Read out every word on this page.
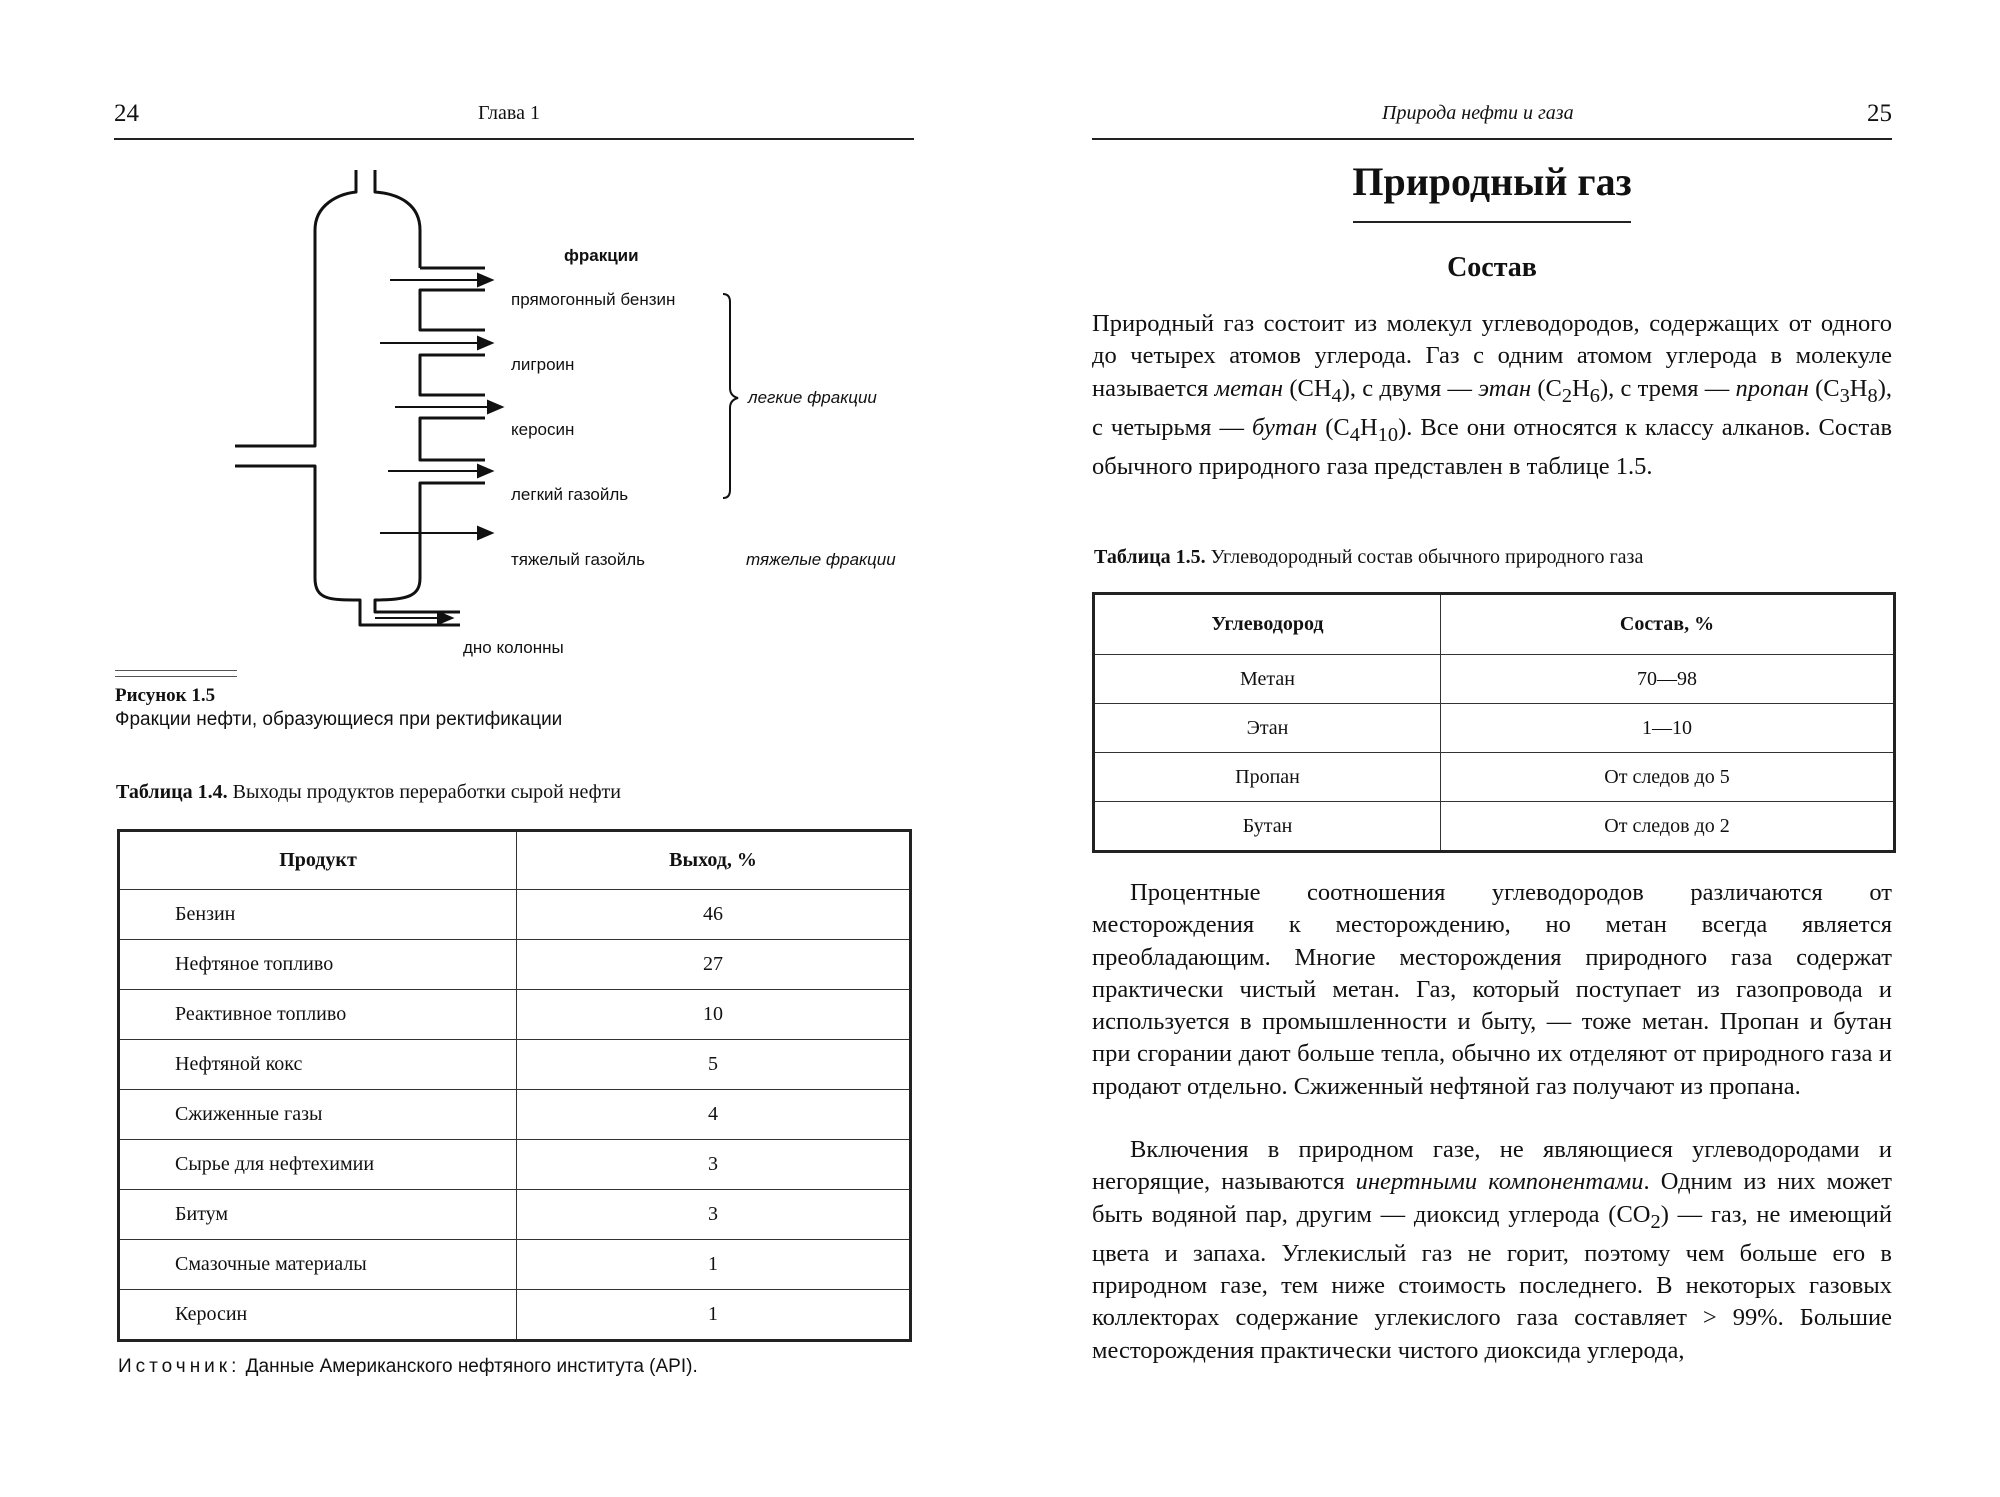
24	Глава 1
фракции
прямогонный бензин
лигроин
керосин
легкий газойль
тяжелый газойль
дно колонны
легкие фракции
тяжелые фракции
Рисунок 1.5
Фракции нефти, образующиеся при ректификации
Таблица 1.4. Выходы продуктов переработки сырой нефти
Продукт	Выход, %
Бензин	46
Нефтяное топливо	27
Реактивное топливо	10
Нефтяной кокс	5
Сжиженные газы	4
Сырье для нефтехимии	3
Битум	3
Смазочные материалы	1
Керосин	1
Источник: Данные Американского нефтяного института (API).
Природа нефти и газа	25
Природный газ
Состав
Природный газ состоит из молекул углеводородов, содержащих от одного до четырех атомов углерода. Газ с одним атомом углерода в молекуле называется метан $(CH_4)$, с двумя — этан $(C_2H_6)$, с тремя — пропан $(C_3H_8)$, с четырьмя — бутан $(C_4H_{10})$. Все они относятся к классу алканов. Состав обычного природного газа представлен в таблице 1.5.
Таблица 1.5. Углеводородный состав обычного природного газа
Углеводород	Состав, %
Метан	70—98
Этан	1—10
Пропан	От следов до 5
Бутан	От следов до 2
Процентные соотношения углеводородов различаются от месторождения к месторождению, но метан всегда является преобладающим. Многие месторождения природного газа содержат практически чистый метан. Газ, который поступает из газопровода и используется в промышленности и быту, — тоже метан. Пропан и бутан при сгорании дают больше тепла, обычно их отделяют от природного газа и продают отдельно. Сжиженный нефтяной газ получают из пропана.
Включения в природном газе, не являющиеся углеводородами и негорящие, называются инертными компонентами. Одним из них может быть водяной пар, другим — диоксид углерода $(CO_2)$ — газ, не имеющий цвета и запаха. Углекислый газ не горит, поэтому чем больше его в природном газе, тем ниже стоимость последнего. В некоторых газовых коллекторах содержание углекислого газа составляет > 99%. Большие месторождения практически чистого диоксида углерода,
